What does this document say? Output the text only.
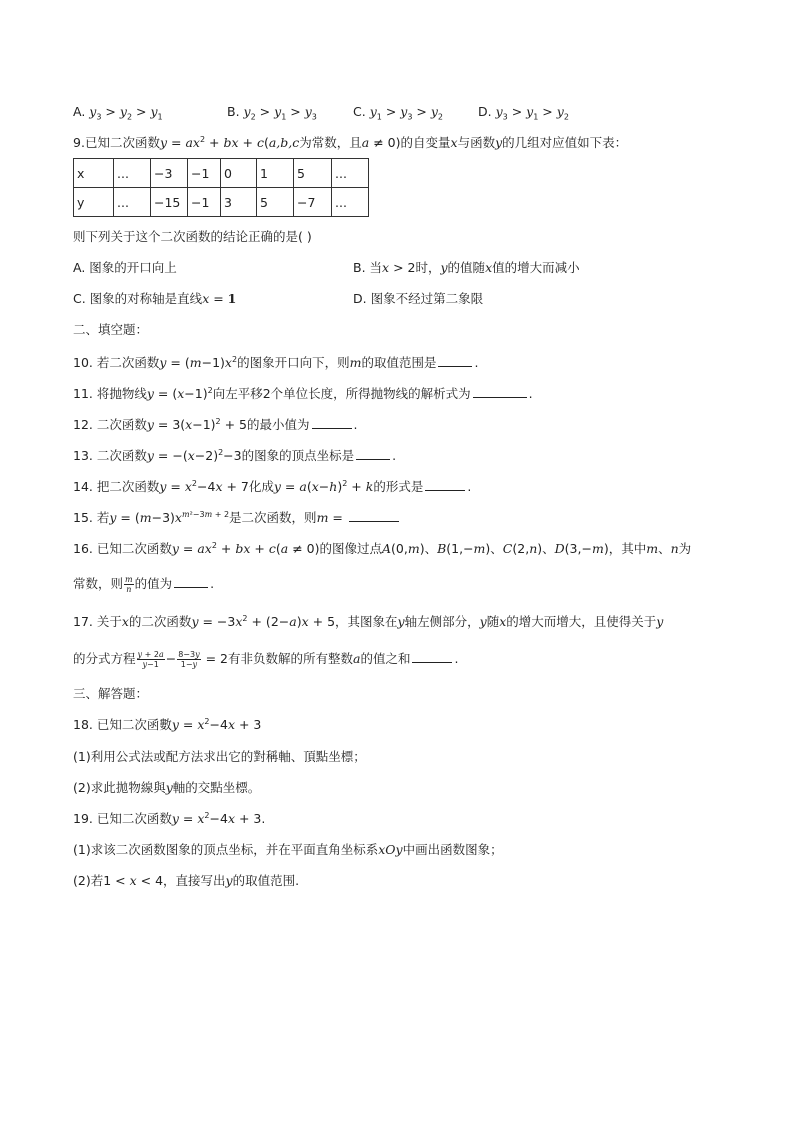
A. $y_3 > y_2 > y_1$	B. $y_2 > y_1 > y_3$	C. $y_1 > y_3 > y_2$	D. $y_3 > y_1 > y_2$
9.已知二次函数$y = ax^2$ + bx + c(a,b,c为常数，且a ≠ 0)的自变量x与函数y的几组对应值如下表：
x	...	−3	−1	0	1	5	...
y	...	−15	−1	3	5	−7	...
则下列关于这个二次函数的结论正确的是( )
A. 图象的开口向上	B. 当x > 2时，y的值随x值的增大而减小
C. 图象的对称轴是直线x = 1	D. 图象不经过第二象限
二、填空题：
10. 若二次函数$y = (m-1)x^2$的图象开口向下，则m的取值范围是	.
11. 将抛物线$y = (x-1)^2$向左平移2个单位长度，所得抛物线的解析式为	.
12. 二次函数$y = 3(x-1)^2 + 5$的最小值为	.
13. 二次函数$y = -(x-2)^2-3$的图象的顶点坐标是	.
14. 把二次函数$y = x^2-4x + 7$化成$y = a(x-h)^2 + k$的形式是	.
15. 若$y = (m-3)x^{m^2-3m + 2}$是二次函数，则m =
16. 已知二次函数$y = ax^2$ + bx + c(a ≠ 0)的图像过点A(0,m)、B(1,−m)、C(2,n)、D(3,−m)，其中m、n为
常数，则 $\frac{m}{n}$ 的值为	.
17. 关于x的二次函数$y = -3x^2 + (2-a)x + 5$，其图象在y轴左侧部分，y随x的增大而增大，且使得关于y
的分式方程 $\frac{y + 2a}{y-1} - \frac{8-3y}{1-y} = 2$有非负数解的所有整数a的值之和	.
三、解答题：
18. 已知二次函數$y = x^2-4x + 3$
(1)利用公式法或配方法求出它的對稱軸、頂點坐標；
(2)求此拋物線與y軸的交點坐標。
19. 已知二次函数$y = x^2-4x + 3$.
(1)求该二次函数图象的顶点坐标，并在平面直角坐标系xOy中画出函数图象；
(2)若1 < x < 4，直接写出y的取值范围.
